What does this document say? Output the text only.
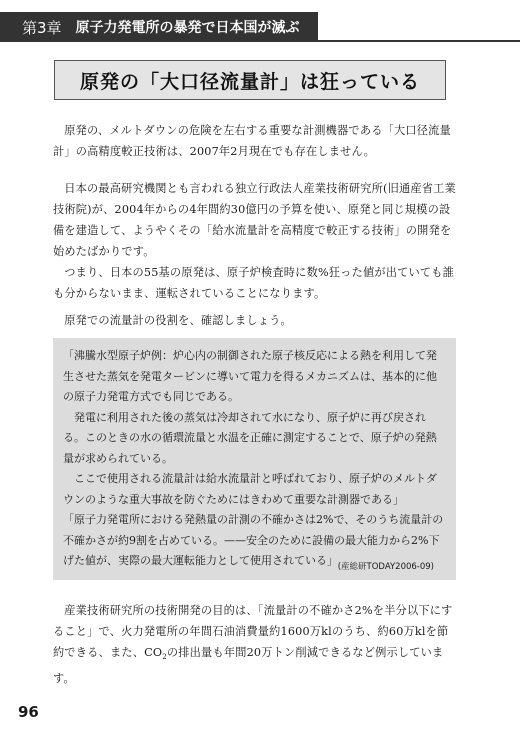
第3章 原子力発電所の暴発で日本国が滅ぶ
原発の「大口径流量計」は狂っている

原発の、メルトダウンの危険を左右する重要な計測機器である「大口径流量計」の高精度較正技術は、2007年2月現在でも存在しません。

日本の最高研究機関とも言われる独立行政法人産業技術研究所(旧通産省工業技術院)が、2004年からの4年間約30億円の予算を使い、原発と同じ規模の設備を建造して、ようやくその「給水流量計を高精度で較正する技術」の開発を始めたばかりです。

つまり、日本の55基の原発は、原子炉検査時に数%狂った値が出ていても誰も分からないまま、運転されていることになります。

原発での流量計の役割を、確認しましょう。

「沸騰水型原子炉例：炉心内の制御された原子核反応による熱を利用して発生させた蒸気を発電タービンに導いて電力を得るメカニズムは、基本的に他の原子力発電方式でも同じである。

発電に利用された後の蒸気は冷却されて水になり、原子炉に再び戻される。このときの水の循環流量と水温を正確に測定することで、原子炉の発熱量が求められている。

ここで使用される流量計は給水流量計と呼ばれており、原子炉のメルトダウンのような重大事故を防ぐためにはきわめて重要な計測器である」

「原子力発電所における発熱量の計測の不確かさは2%で、そのうち流量計の不確かさが約9割を占めている。——安全のために設備の最大能力から2%下げた値が、実際の最大運転能力として使用されている」 (産総研TODAY2006-09)

産業技術研究所の技術開発の目的は、「流量計の不確かさ2%を半分以下にすること」で、火力発電所の年間石油消費量約1600万klのうち、約60万klを節約できる、また、$CO_2$の排出量も年間20万トン削減できるなど例示しています。

96
